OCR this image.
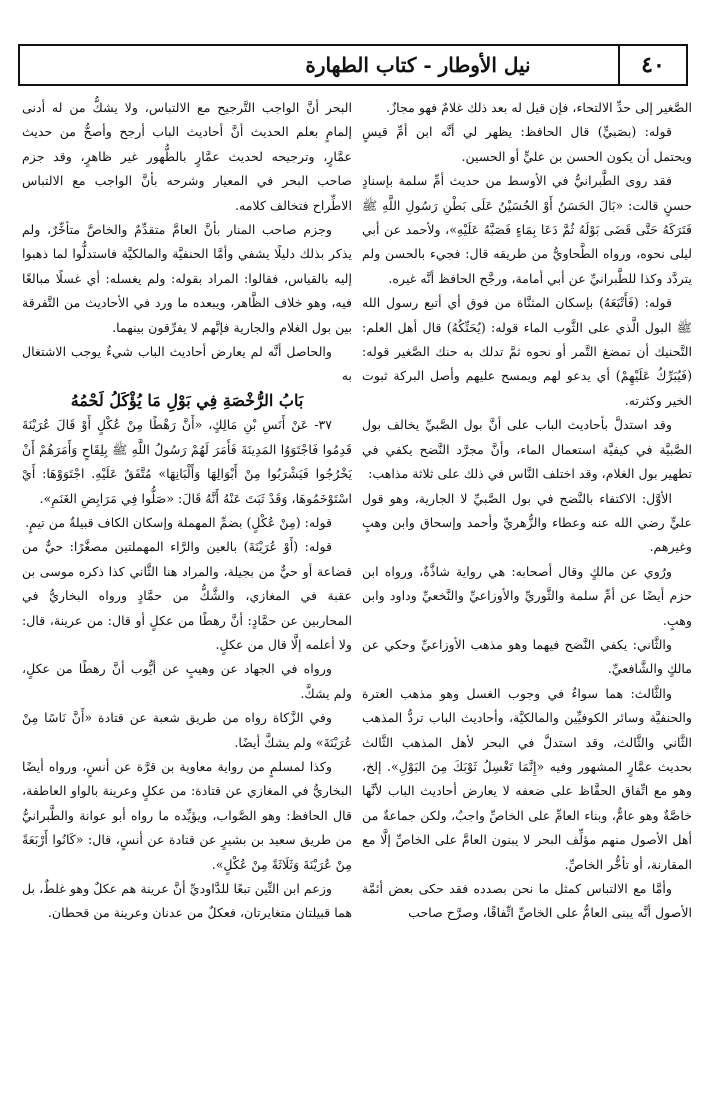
٤٠
نيل الأوطار - كتاب الطهارة

الصَّغير إلى حدِّ الالتحاء، فإن قيل له بعد ذلك غلامٌ فهو مجازٌ.

قوله: (بصَبيٍّ) قال الحافظ: يظهر لي أنَّه ابن أمِّ قيسٍ ويحتمل أن يكون الحسن بن عليٍّ أو الحسين.

فقد روى الطَّبرانيُّ في الأوسط من حديث أمِّ سلمة بإسنادٍ حسنٍ قالت: «بَالَ الحَسَنُ أَوْ الحُسَيْنُ عَلَى بَطْنِ رَسُولِ اللَّهِ ﷺ فَتَرَكَهُ حَتَّى قَضَى بَوْلَهُ ثُمَّ دَعَا بِمَاءٍ فَصَبَّهُ عَلَيْهِ»، ولأحمد عن أبي ليلى نحوه، ورواه الطَّحاويُّ من طريقه قال: فجيء بالحسن ولم يتردَّد وكذا للطَّبرانيِّ عن أبي أمامة، ورجَّح الحافظ أنَّه غيره.

قوله: (فَأَتْبَعَهُ) بإسكان المثنَّاة من فوق أي أتبع رسول الله ﷺ البول الَّذي على الثَّوب الماء قوله: (يُحَنِّكُهُ) قال أهل العلم: التَّحنيك أن تمضغ التَّمر أو نحوه ثمَّ تدلك به حنك الصَّغير قوله: (فَيُبَرِّكُ عَلَيْهِمْ) أي يدعو لهم ويمسح عليهم وأصل البركة ثبوت الخير وكثرته.

وقد استدلَّ بأحاديث الباب على أنَّ بول الصَّبيِّ يخالف بول الصَّبيَّة في كيفيَّة استعمال الماء، وأنَّ مجرَّد النَّضح يكفي في تطهير بول الغلام، وقد اختلف النَّاس في ذلك على ثلاثة مذاهب:

الأوَّل: الاكتفاء بالنَّضح في بول الصَّبيِّ لا الجارية، وهو قول عليٍّ رضي الله عنه وعطاء والزُّهريِّ وأحمد وإسحاق وابن وهبٍ وغيرهم.

ورُوي عن مالكٍ وقال أصحابه: هي رواية شاذَّةٌ، ورواه ابن حزم أيضًا عن أمِّ سلمة والثَّوريِّ والأوزاعيِّ والنَّخعيِّ وداود وابن وهبٍ.

والثَّاني: يكفي النَّضح فيهما وهو مذهب الأوزاعيِّ وحكي عن مالكٍ والشَّافعيِّ.

والثَّالث: هما سواءٌ في وجوب الغسل وهو مذهب العترة والحنفيَّة وسائر الكوفيِّين والمالكيَّة، وأحاديث الباب تردُّ المذهب الثَّاني والثَّالث، وقد استدلَّ في البحر لأهل المذهب الثَّالث بحديث عمَّارٍ المشهور وفيه «إِنَّمَا تَغْسِلُ ثَوْبَكَ مِنَ البَوْلِ». إلخ، وهو مع اتِّفاق الحفَّاظ على ضعفه لا يعارض أحاديث الباب لأنَّها خاصَّةٌ وهو عامٌّ، وبناء العامِّ على الخاصِّ واجبٌ، ولكن جماعةٌ من أهل الأصول منهم مؤلِّف البحر لا يبنون العامَّ على الخاصِّ إلَّا مع المقارنة، أو تأخُّر الخاصِّ.

وأمَّا مع الالتباس كمثل ما نحن بصدده فقد حكى بعض أئمَّة الأصول أنَّه يبنى العامُّ على الخاصِّ اتِّفاقًا، وصرَّح صاحب

البحر أنَّ الواجب التَّرجيح مع الالتباس، ولا يشكُّ من له أدنى إلمامٍ بعلم الحديث أنَّ أحاديث الباب أرجح وأصحُّ من حديث عمَّارٍ، وترجيحه لحديث عمَّارٍ بالطُّهور غير ظاهرٍ، وقد جزم صاحب البحر في المعيار وشرحه بأنَّ الواجب مع الالتباس الاطِّراح فتخالف كلامه.

وجزم صاحب المنار بأنَّ العامَّ متقدِّمٌ والخاصَّ متأخِّرٌ، ولم يذكر بذلك دليلًا يشفي وأمَّا الحنفيَّة والمالكيَّة فاستدلُّوا لما ذهبوا إليه بالقياس، فقالوا: المراد بقوله: ولم يغسله: أي غسلًا مبالغًا فيه، وهو خلاف الظَّاهر، ويبعده ما ورد في الأحاديث من التَّفرقة بين بول الغلام والجارية فإنَّهم لا يفرِّقون بينهما.

والحاصل أنَّه لم يعارض أحاديث الباب شيءٌ يوجب الاشتغال به

بَابُ الرُّخْصَةِ فِي بَوْلِ مَا يُؤْكَلُ لَحْمُهُ

٣٧- عَنْ أَنَسِ بْنِ مَالِكٍ، «أَنَّ رَهْطًا مِنْ عُكْلٍ أَوْ قَالَ عُرَيْنَةَ قَدِمُوا فَاجْتَوَوُا المَدِينَةَ فَأَمَرَ لَهُمْ رَسُولُ اللَّهِ ﷺ بِلِقَاحٍ وَأَمَرَهُمْ أَنْ يَخْرُجُوا فَيَشْرَبُوا مِنْ أَبْوَالِهَا وَأَلْبَانِهَا» مُتَّفَقٌ عَلَيْهِ. اجْتَوَوْهَا: أَيْ اسْتَوْخَمُوهَا، وَقَدْ ثَبَتَ عَنْهُ أَنَّهُ قَالَ: «صَلُّوا فِي مَرَابِضِ الغَنَمِ».

قوله: (مِنْ عُكْلٍ) بضمِّ المهملة وإسكان الكاف قبيلةٌ من تيمٍ.

قوله: (أَوْ عُرَيْنَةَ) بالعين والرَّاء المهملتين مصغَّرًا: حيٌّ من قضاعة أو حيٌّ من بجيلة، والمراد هنا الثَّاني كذا ذكره موسى بن عقبة في المغازي، والشَّكُّ من حمَّادٍ ورواه البخاريُّ في المحاربين عن حمَّادٍ: أنَّ رهطًا من عكلٍ أو قال: من عرينة، قال: ولا أعلمه إلَّا قال من عكلٍ.

ورواه في الجهاد عن وهيبٍ عن أيُّوب أنَّ رهطًا من عكلٍ، ولم يشكَّ.

وفي الزَّكاة رواه من طريق شعبة عن قتادة «أَنَّ نَاسًا مِنْ عُرَيْنَةَ» ولم يشكَّ أيضًا.

وكذا لمسلمٍ من رواية معاوية بن قرَّة عن أنسٍ، ورواه أيضًا البخاريُّ في المغازي عن قتادة: من عكلٍ وعرينة بالواو العاطفة، قال الحافظ: وهو الصَّواب، ويؤيِّده ما رواه أبو عوانة والطَّبرانيُّ من طريق سعيد بن بشيرٍ عن قتادة عن أنسٍ، قال: «كَانُوا أَرْبَعَةً مِنْ عُرَيْنَةَ وَثَلَاثَةً مِنْ عُكْلٍ».

وزعم ابن التِّين تبعًا للدَّاوديِّ أنَّ عرينة هم عكلٌ وهو غلطٌ، بل هما قبيلتان متغايرتان، فعكلٌ من عدنان وعرينة من قحطان.
